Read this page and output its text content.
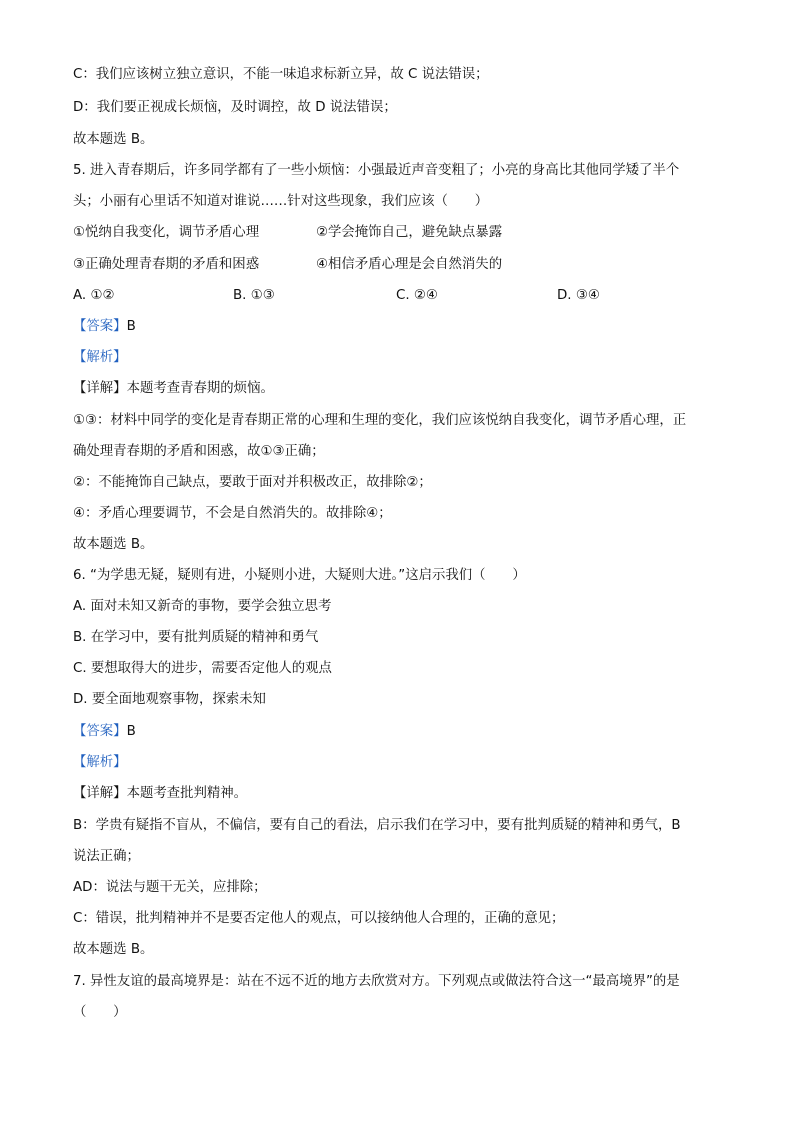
C：我们应该树立独立意识，不能一味追求标新立异，故 C 说法错误；
D：我们要正视成长烦恼，及时调控，故 D 说法错误；
故本题选 B。
5. 进入青春期后，许多同学都有了一些小烦恼：小强最近声音变粗了；小亮的身高比其他同学矮了半个
头；小丽有心里话不知道对谁说……针对这些现象，我们应该（　　）
①悦纳自我变化，调节矛盾心理	②学会掩饰自己，避免缺点暴露
③正确处理青春期的矛盾和困惑	④相信矛盾心理是会自然消失的
A. ①②	B. ①③	C. ②④	D. ③④
【答案】B
【解析】
【详解】本题考查青春期的烦恼。
①③：材料中同学的变化是青春期正常的心理和生理的变化，我们应该悦纳自我变化，调节矛盾心理，正
确处理青春期的矛盾和困惑，故①③正确；
②：不能掩饰自己缺点，要敢于面对并积极改正，故排除②；
④：矛盾心理要调节，不会是自然消失的。故排除④；
故本题选 B。
6. “为学患无疑，疑则有进，小疑则小进，大疑则大进。”这启示我们（　　）
A. 面对未知又新奇的事物，要学会独立思考
B. 在学习中，要有批判质疑的精神和勇气
C. 要想取得大的进步，需要否定他人的观点
D. 要全面地观察事物，探索未知
【答案】B
【解析】
【详解】本题考查批判精神。
B：学贵有疑指不盲从，不偏信，要有自己的看法，启示我们在学习中，要有批判质疑的精神和勇气，B
说法正确；
AD：说法与题干无关，应排除；
C：错误，批判精神并不是要否定他人的观点，可以接纳他人合理的，正确的意见；
故本题选 B。
7. 异性友谊的最高境界是：站在不远不近的地方去欣赏对方。下列观点或做法符合这一“最高境界”的是
（　　）
